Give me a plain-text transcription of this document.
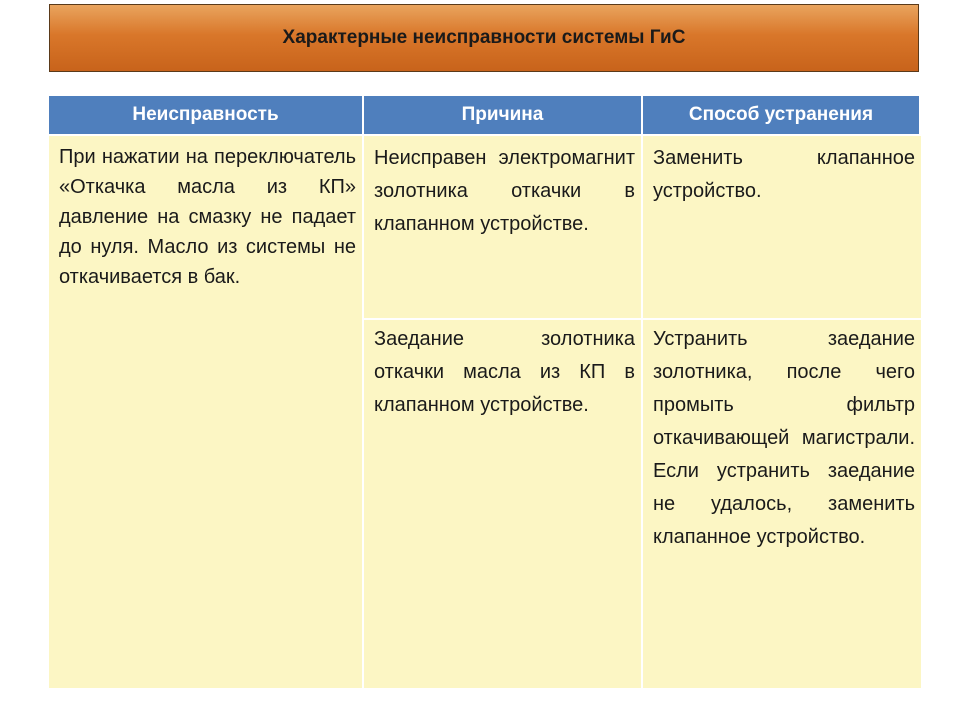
Характерные неисправности системы ГиС
Неисправность	Причина	Способ устранения
При нажатии на переключатель «Откачка масла из КП» давление на смазку не падает до нуля. Масло из системы не откачивается в бак.
Неисправен электромагнит золотника откачки в клапанном устройстве.
Заменить клапанное устройство.
Заедание золотника откачки масла из КП в клапанном устройстве.
Устранить заедание золотника, после чего промыть фильтр откачивающей магистрали. Если устранить заедание не удалось, заменить клапанное устройство.
